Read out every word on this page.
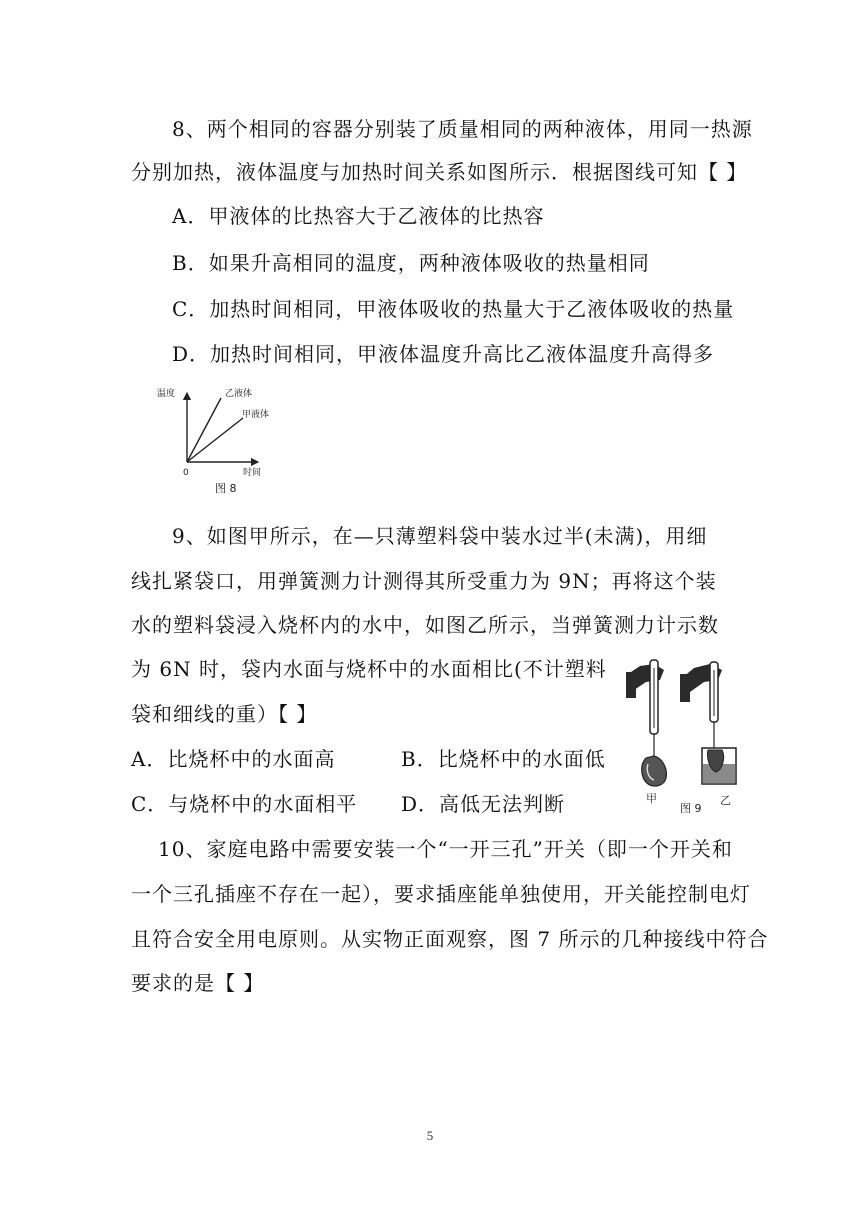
8、两个相同的容器分别装了质量相同的两种液体，用同一热源
分别加热，液体温度与加热时间关系如图所示．根据图线可知【 】
A．甲液体的比热容大于乙液体的比热容
B．如果升高相同的温度，两种液体吸收的热量相同
C．加热时间相同，甲液体吸收的热量大于乙液体吸收的热量
D．加热时间相同，甲液体温度升高比乙液体温度升高得多
温度	乙液体
甲液体
0	时间
图 8
9、如图甲所示，在—只薄塑料袋中装水过半(未满)，用细
线扎紧袋口，用弹簧测力计测得其所受重力为 9N；再将这个装
水的塑料袋浸入烧杯内的水中，如图乙所示，当弹簧测力计示数
为 6N 时，袋内水面与烧杯中的水面相比(不计塑料
袋和细线的重）【 】
A．比烧杯中的水面高	B．比烧杯中的水面低
C．与烧杯中的水面相平 D．高低无法判断	甲
图 9
乙
10、家庭电路中需要安装一个“一开三孔”开关（即一个开关和
一个三孔插座不存在一起），要求插座能单独使用，开关能控制电灯
且符合安全用电原则。从实物正面观察，图 7 所示的几种接线中符合
要求的是【 】
5
